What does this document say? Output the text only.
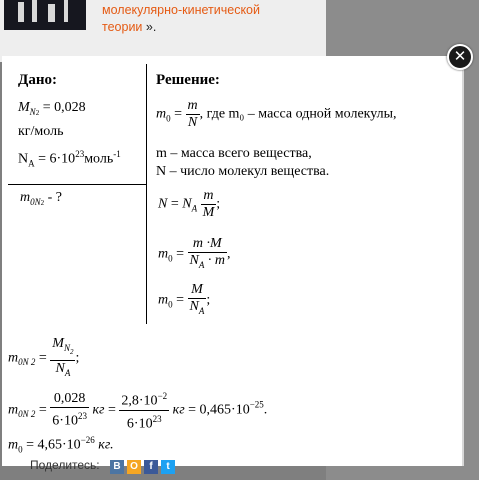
молекулярно-кинетической
теории ».
✕
Дано:
$M_{N2} = 0,028$
кг/моль
$N_A$ = $6\cdot 10^{23}моль^{-1}$
$m_{0N2}$ - ?
Решение:
$m_0 = \frac{m}{N}$ , где m₀ – масса одной молекулы,
m – масса всего вещества,
N – число молекул вещества.
$N = N_A \frac{m}{M}$ ;
$m_0 = \frac{m \cdot M}{N_A \cdot m}$ ,
$m_0 = \frac{M}{N_A}$ ;
$m_{0N 2} = \frac{M_{N_2}}{N_A}$ ;
$m_{0N 2} = \frac{0,028}{6\cdot 10^{23}}$ кг = $\frac{2,8\cdot 10^{-2}}{6\cdot 10^{23}}$ кг = $0,465\cdot 10^{-25}$.
$m_0 = 4,65\cdot 10^{-26}$ кг.
Поделитесь:	В О	f	t
